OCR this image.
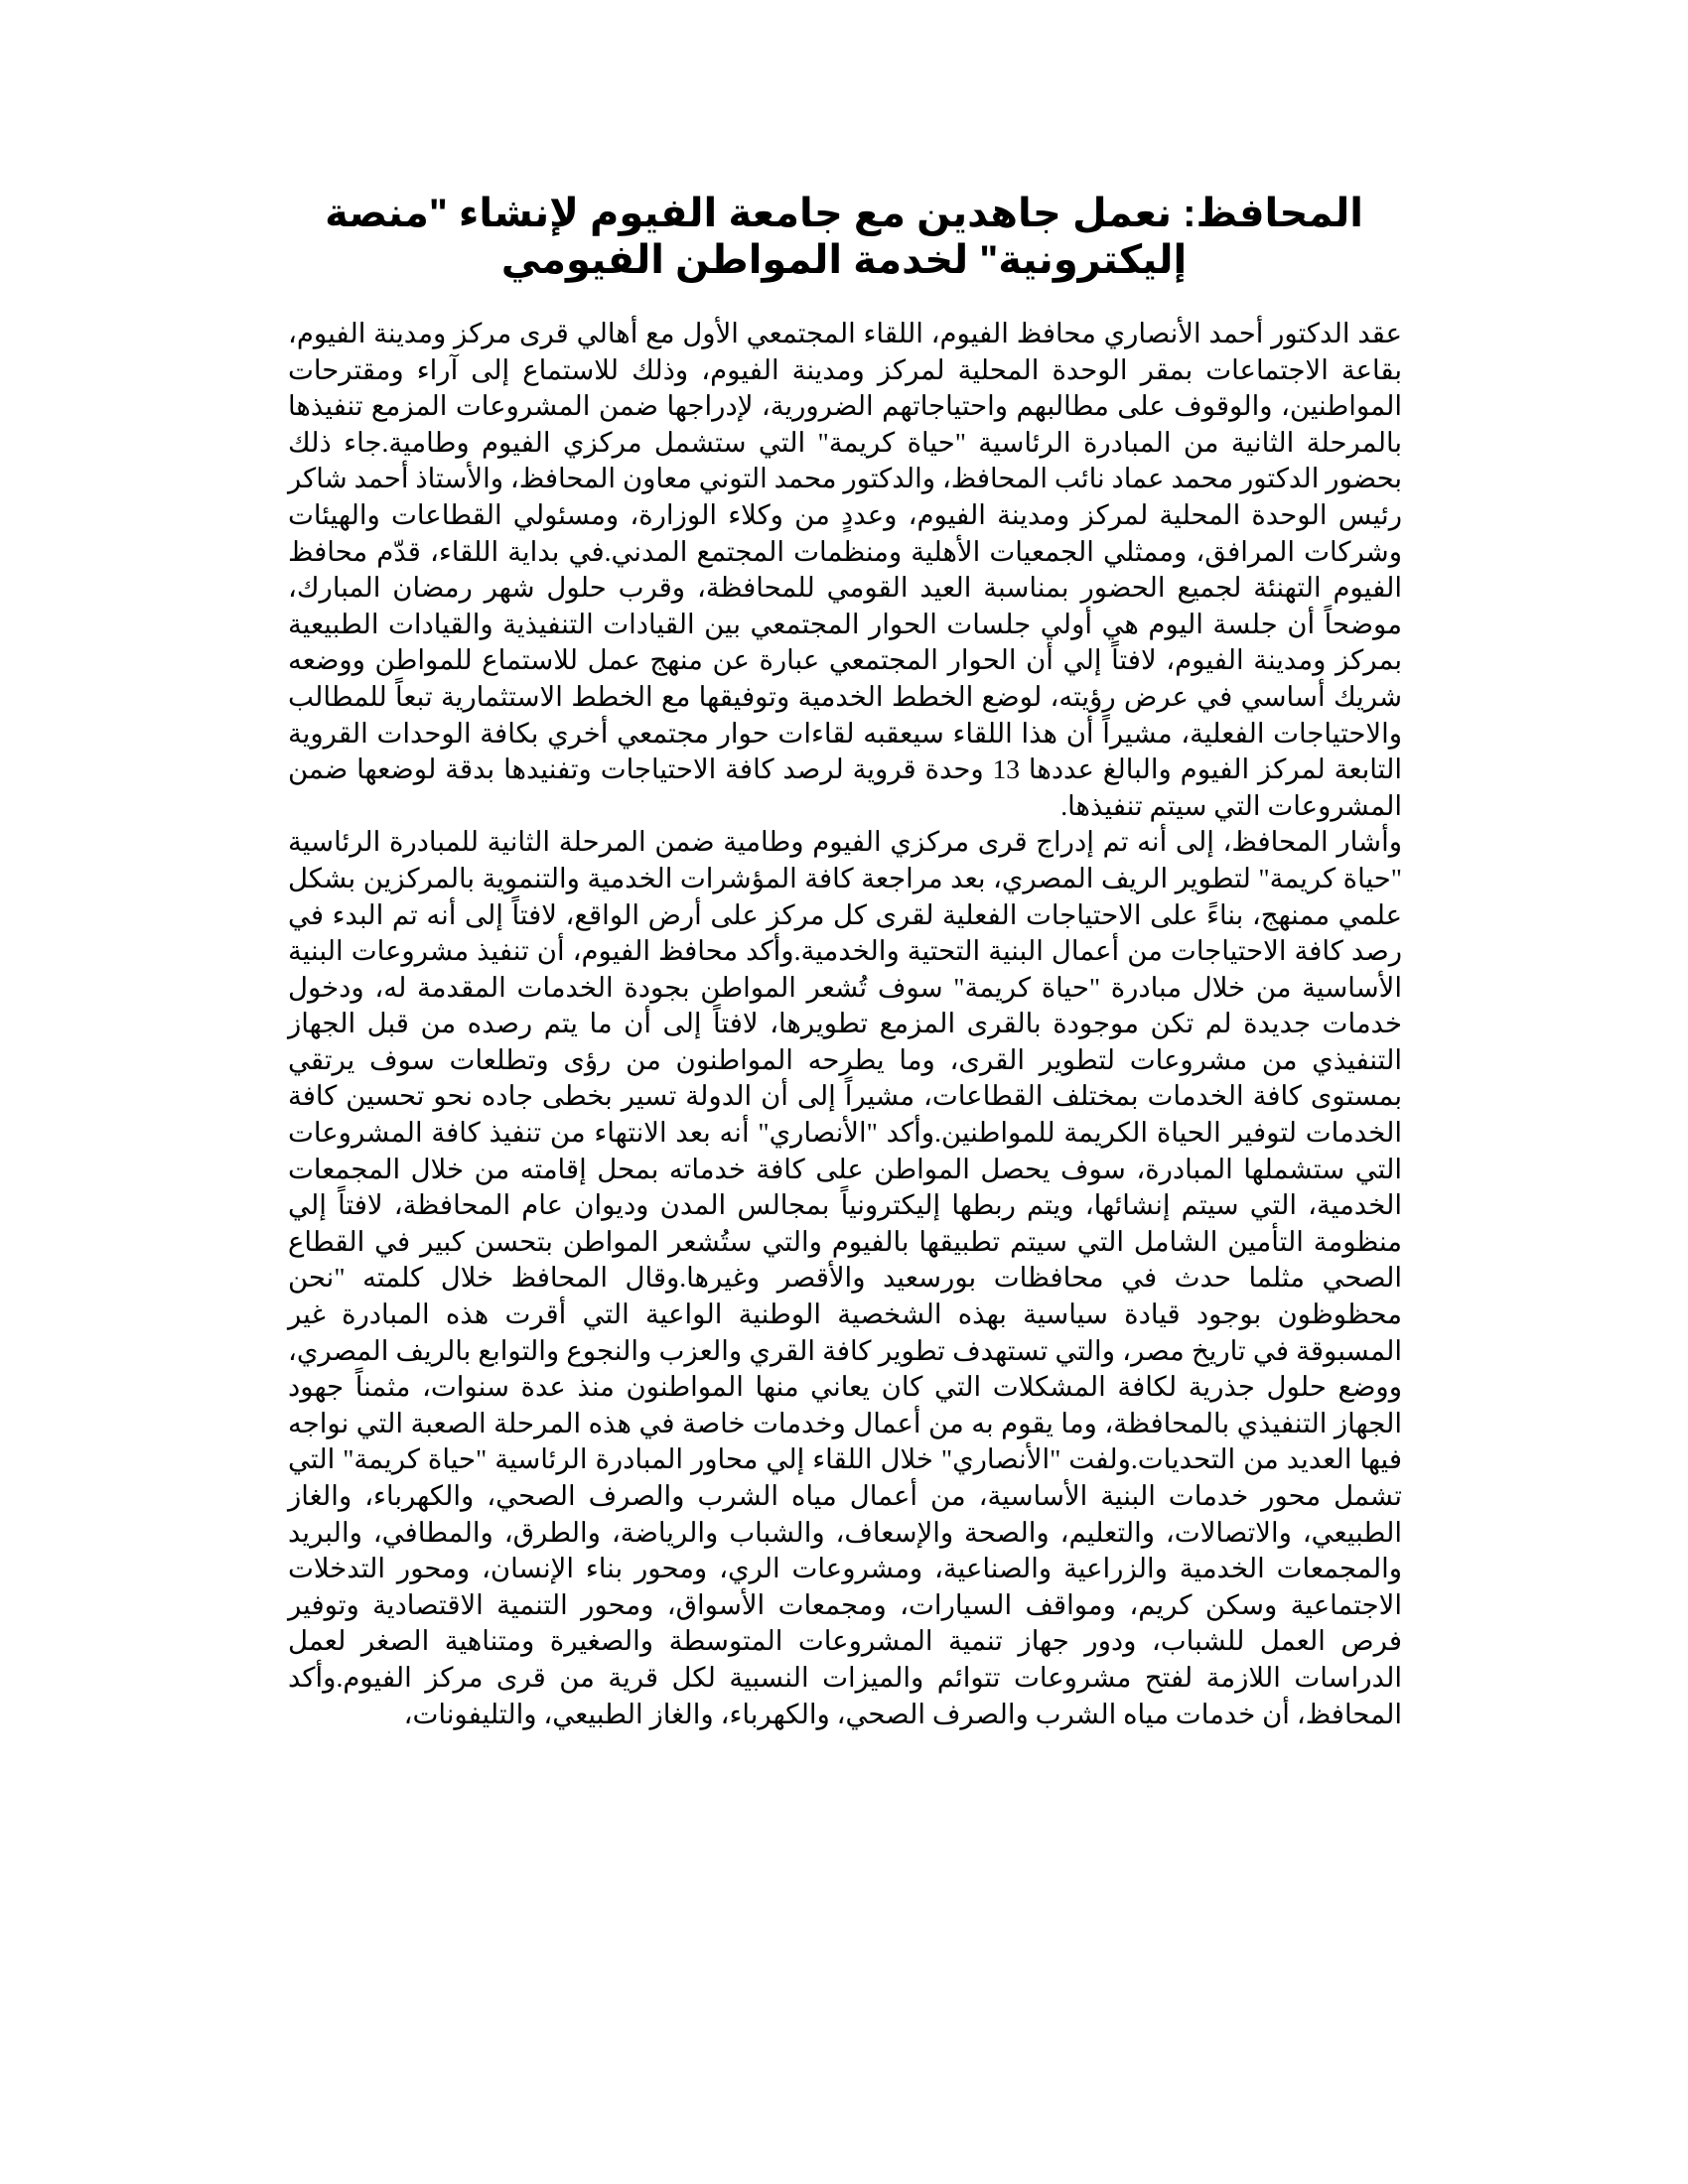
المحافظ: نعمل جاهدين مع جامعة الفيوم لإنشاء "منصة إليكترونية" لخدمة المواطن الفيومي

عقد الدكتور أحمد الأنصاري محافظ الفيوم، اللقاء المجتمعي الأول مع أهالي قرى مركز ومدينة الفيوم، بقاعة الاجتماعات بمقر الوحدة المحلية لمركز ومدينة الفيوم، وذلك للاستماع إلى آراء ومقترحات المواطنين، والوقوف على مطالبهم واحتياجاتهم الضرورية، لإدراجها ضمن المشروعات المزمع تنفيذها بالمرحلة الثانية من المبادرة الرئاسية "حياة كريمة" التي ستشمل مركزي الفيوم وطامية.جاء ذلك بحضور الدكتور محمد عماد نائب المحافظ، والدكتور محمد التوني معاون المحافظ، والأستاذ أحمد شاكر رئيس الوحدة المحلية لمركز ومدينة الفيوم، وعددٍ من وكلاء الوزارة، ومسئولي القطاعات والهيئات وشركات المرافق، وممثلي الجمعيات الأهلية ومنظمات المجتمع المدني.في بداية اللقاء، قدّم محافظ الفيوم التهنئة لجميع الحضور بمناسبة العيد القومي للمحافظة، وقرب حلول شهر رمضان المبارك، موضحاً أن جلسة اليوم هي أولي جلسات الحوار المجتمعي بين القيادات التنفيذية والقيادات الطبيعية بمركز ومدينة الفيوم، لافتاً إلي أن الحوار المجتمعي عبارة عن منهج عمل للاستماع للمواطن ووضعه شريك أساسي في عرض رؤيته، لوضع الخطط الخدمية وتوفيقها مع الخطط الاستثمارية تبعاً للمطالب والاحتياجات الفعلية، مشيراً أن هذا اللقاء سيعقبه لقاءات حوار مجتمعي أخري بكافة الوحدات القروية التابعة لمركز الفيوم والبالغ عددها 13 وحدة قروية لرصد كافة الاحتياجات وتفنيدها بدقة لوضعها ضمن المشروعات التي سيتم تنفيذها.

وأشار المحافظ، إلى أنه تم إدراج قرى مركزي الفيوم وطامية ضمن المرحلة الثانية للمبادرة الرئاسية "حياة كريمة" لتطوير الريف المصري، بعد مراجعة كافة المؤشرات الخدمية والتنموية بالمركزين بشكل علمي ممنهج، بناءً على الاحتياجات الفعلية لقرى كل مركز على أرض الواقع، لافتاً إلى أنه تم البدء في رصد كافة الاحتياجات من أعمال البنية التحتية والخدمية.وأكد محافظ الفيوم، أن تنفيذ مشروعات البنية الأساسية من خلال مبادرة "حياة كريمة" سوف تُشعر المواطن بجودة الخدمات المقدمة له، ودخول خدمات جديدة لم تكن موجودة بالقرى المزمع تطويرها، لافتاً إلى أن ما يتم رصده من قبل الجهاز التنفيذي من مشروعات لتطوير القرى، وما يطرحه المواطنون من رؤى وتطلعات سوف يرتقي بمستوى كافة الخدمات بمختلف القطاعات، مشيراً إلى أن الدولة تسير بخطى جاده نحو تحسين كافة الخدمات لتوفير الحياة الكريمة للمواطنين.وأكد "الأنصاري" أنه بعد الانتهاء من تنفيذ كافة المشروعات التي ستشملها المبادرة، سوف يحصل المواطن على كافة خدماته بمحل إقامته من خلال المجمعات الخدمية، التي سيتم إنشائها، ويتم ربطها إليكترونياً بمجالس المدن وديوان عام المحافظة، لافتاً إلي منظومة التأمين الشامل التي سيتم تطبيقها بالفيوم والتي ستُشعر المواطن بتحسن كبير في القطاع الصحي مثلما حدث في محافظات بورسعيد والأقصر وغيرها.وقال المحافظ خلال كلمته "نحن محظوظون بوجود قيادة سياسية بهذه الشخصية الوطنية الواعية التي أقرت هذه المبادرة غير المسبوقة في تاريخ مصر، والتي تستهدف تطوير كافة القري والعزب والنجوع والتوابع بالريف المصري، ووضع حلول جذرية لكافة المشكلات التي كان يعاني منها المواطنون منذ عدة سنوات، مثمناً جهود الجهاز التنفيذي بالمحافظة، وما يقوم به من أعمال وخدمات خاصة في هذه المرحلة الصعبة التي نواجه فيها العديد من التحديات.ولفت "الأنصاري" خلال اللقاء إلي محاور المبادرة الرئاسية "حياة كريمة" التي تشمل محور خدمات البنية الأساسية، من أعمال مياه الشرب والصرف الصحي، والكهرباء، والغاز الطبيعي، والاتصالات، والتعليم، والصحة والإسعاف، والشباب والرياضة، والطرق، والمطافي، والبريد والمجمعات الخدمية والزراعية والصناعية، ومشروعات الري، ومحور بناء الإنسان، ومحور التدخلات الاجتماعية وسكن كريم، ومواقف السيارات، ومجمعات الأسواق، ومحور التنمية الاقتصادية وتوفير فرص العمل للشباب، ودور جهاز تنمية المشروعات المتوسطة والصغيرة ومتناهية الصغر لعمل الدراسات اللازمة لفتح مشروعات تتوائم والميزات النسبية لكل قرية من قرى مركز الفيوم.وأكد المحافظ، أن خدمات مياه الشرب والصرف الصحي، والكهرباء، والغاز الطبيعي، والتليفونات،
